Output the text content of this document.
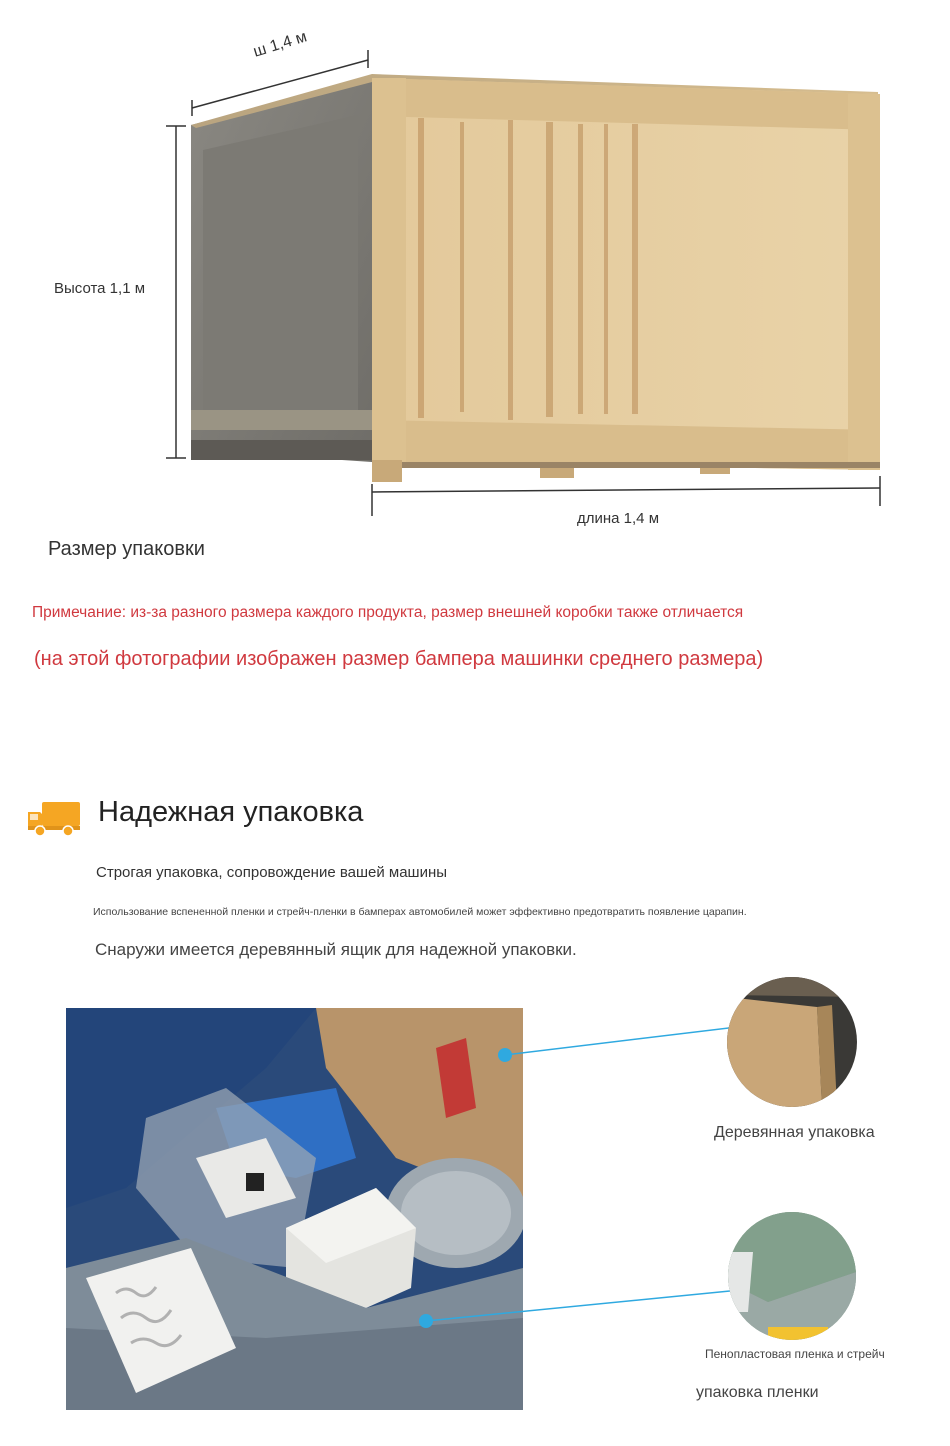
ш 1,4 м
Высота 1,1 м
длина 1,4 м
Размер упаковки
Примечание: из-за разного размера каждого продукта, размер внешней коробки также отличается
(на этой фотографии изображен размер бампера машинки среднего размера)
Надежная упаковка
Строгая упаковка, сопровождение вашей машины
Использование вспененной пленки и стрейч-пленки в бамперах автомобилей может эффективно предотвратить появление царапин.
Снаружи имеется деревянный ящик для надежной упаковки.
Деревянная упаковка
Пенопластовая пленка и стрейч
упаковка пленки
